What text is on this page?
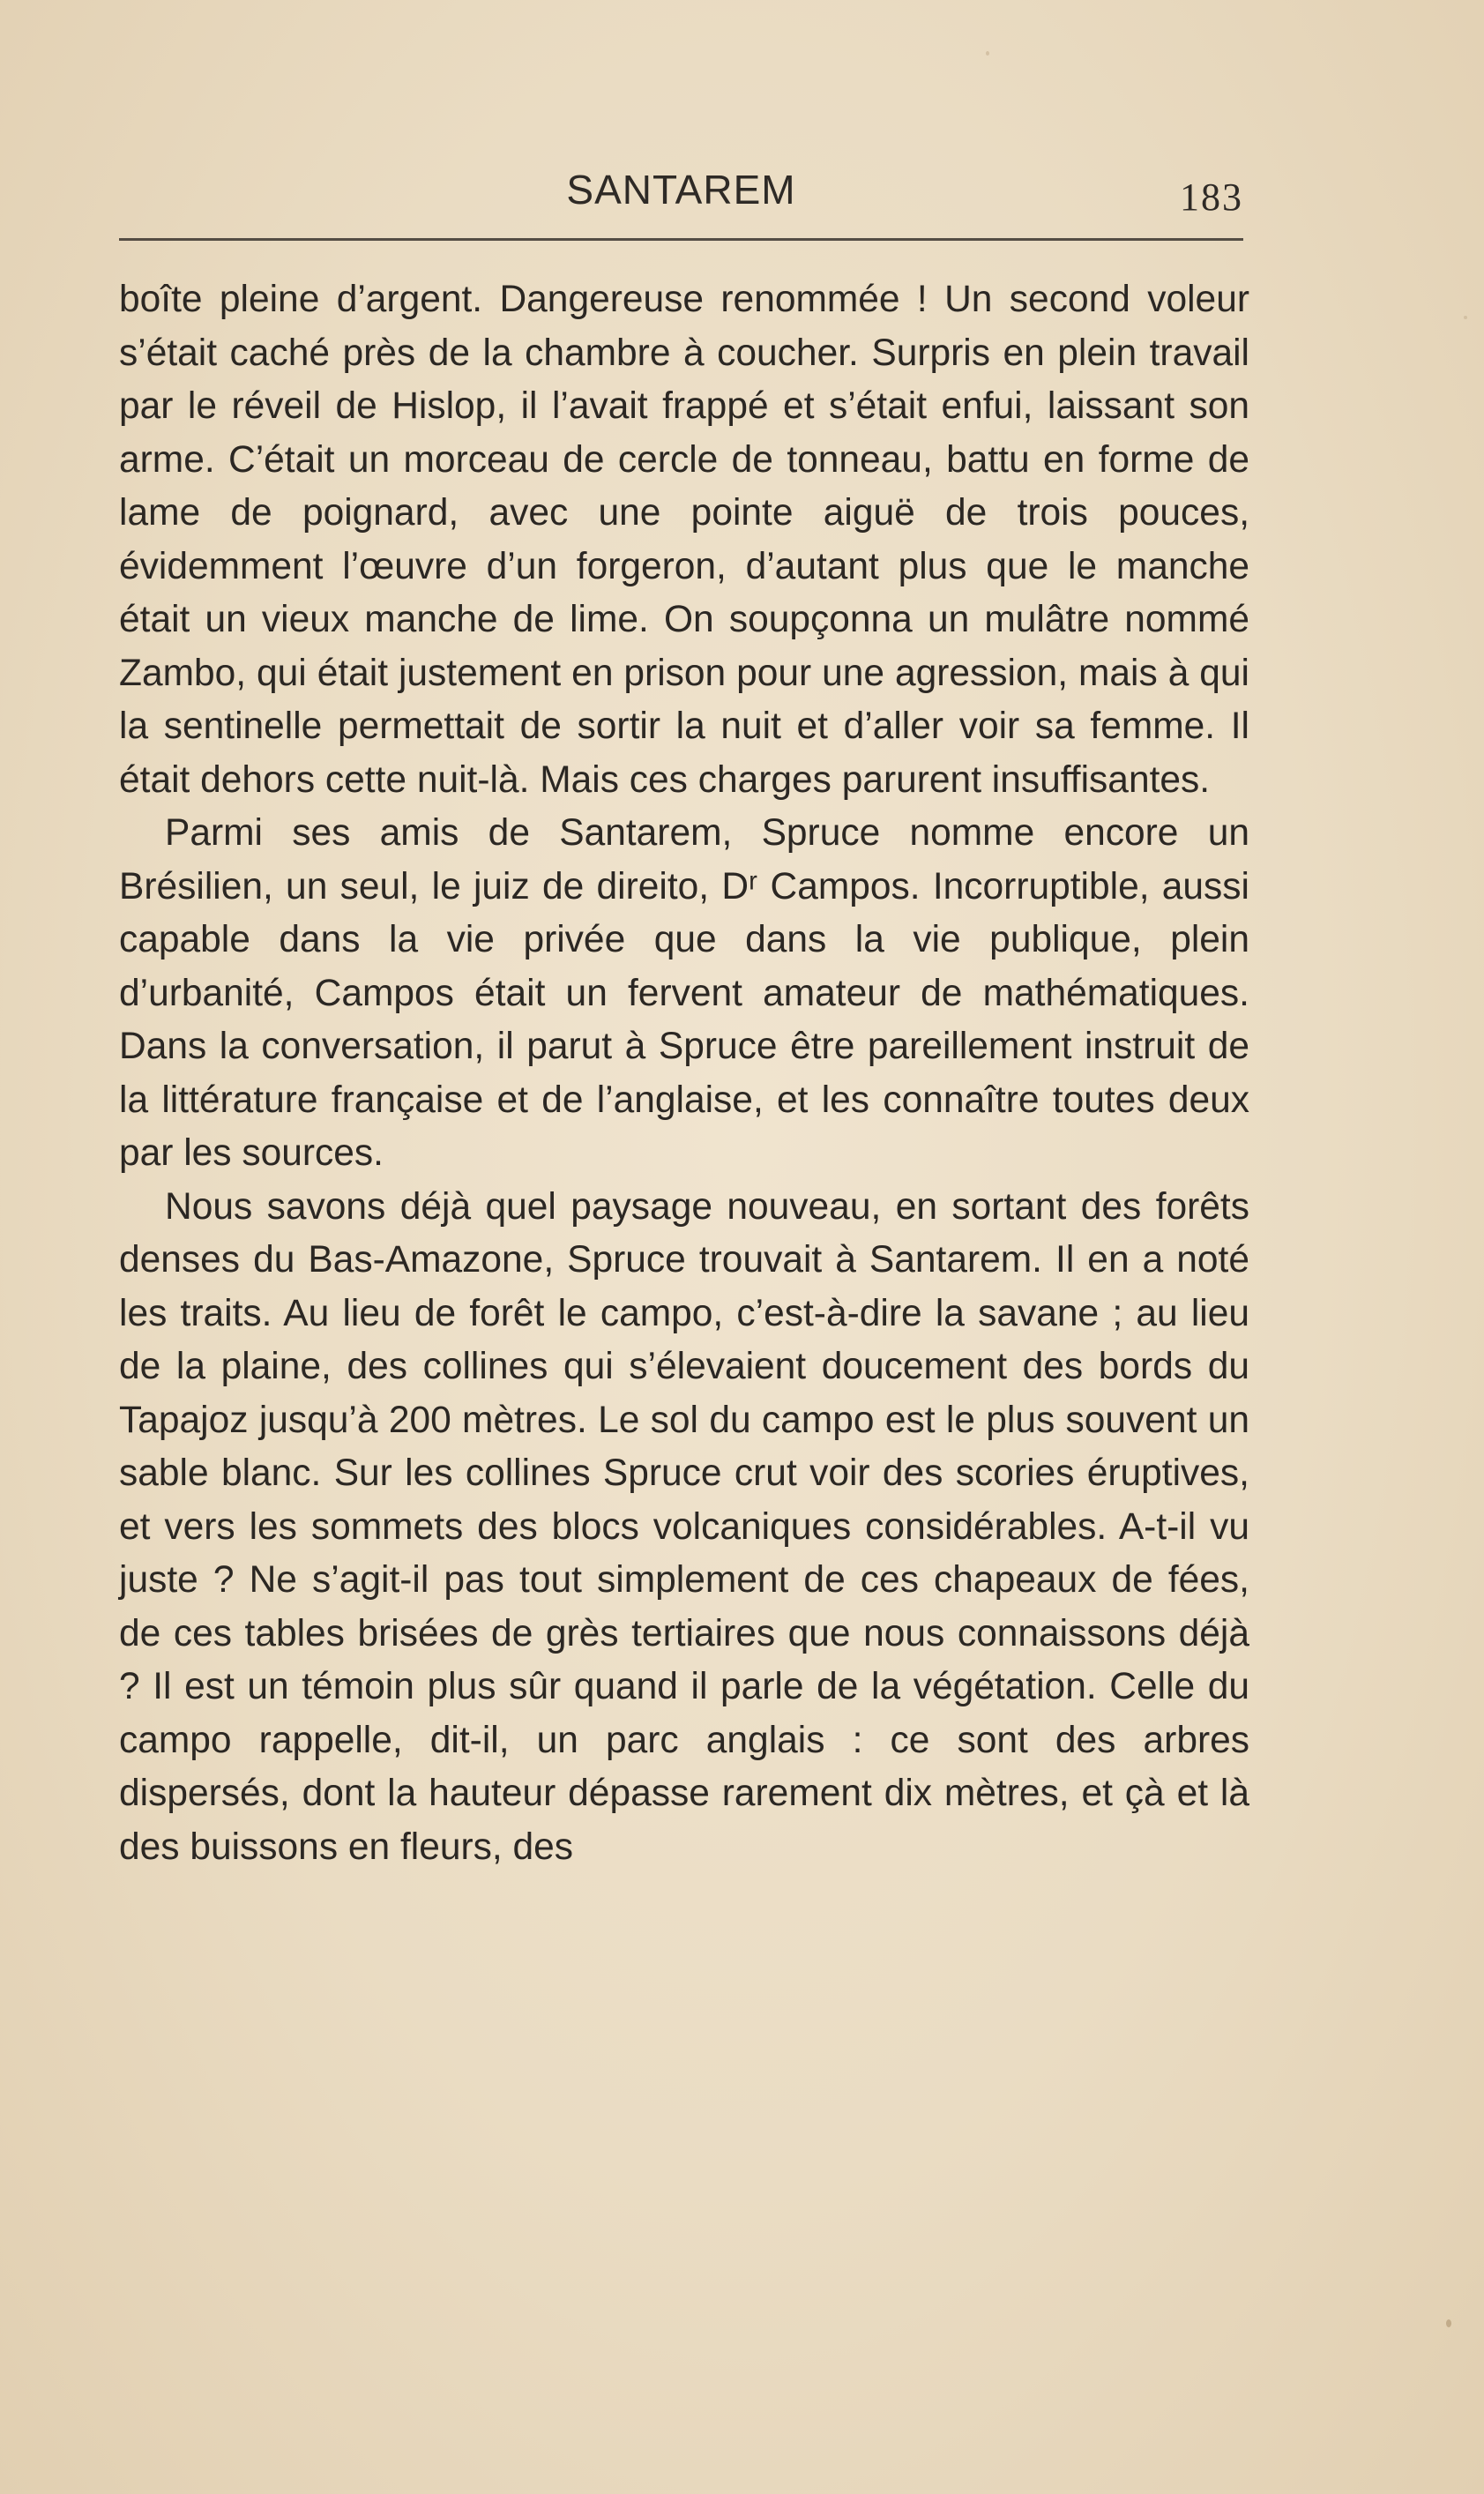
SANTAREM	183

boîte pleine d’argent. Dangereuse renommée ! Un second voleur s’était caché près de la chambre à coucher. Surpris en plein travail par le réveil de Hislop, il l’avait frappé et s’était enfui, laissant son arme. C’était un morceau de cercle de tonneau, battu en forme de lame de poignard, avec une pointe aiguë de trois pouces, évidemment l’œuvre d’un forgeron, d’autant plus que le manche était un vieux manche de lime. On soupçonna un mulâtre nommé Zambo, qui était justement en prison pour une agression, mais à qui la sentinelle permettait de sortir la nuit et d’aller voir sa femme. Il était dehors cette nuit-là. Mais ces charges parurent insuffisantes.

Parmi ses amis de Santarem, Spruce nomme encore un Brésilien, un seul, le juiz de direito, Dʳ Campos. Incorruptible, aussi capable dans la vie privée que dans la vie publique, plein d’urbanité, Campos était un fervent amateur de mathématiques. Dans la conversation, il parut à Spruce être pareillement instruit de la littérature française et de l’anglaise, et les connaître toutes deux par les sources.

Nous savons déjà quel paysage nouveau, en sortant des forêts denses du Bas-Amazone, Spruce trouvait à Santarem. Il en a noté les traits. Au lieu de forêt le campo, c’est-à-dire la savane ; au lieu de la plaine, des collines qui s’élevaient doucement des bords du Tapajoz jusqu’à 200 mètres. Le sol du campo est le plus souvent un sable blanc. Sur les collines Spruce crut voir des scories éruptives, et vers les sommets des blocs volcaniques considérables. A-t-il vu juste ? Ne s’agit-il pas tout simplement de ces chapeaux de fées, de ces tables brisées de grès tertiaires que nous connaissons déjà ? Il est un témoin plus sûr quand il parle de la végétation. Celle du campo rappelle, dit-il, un parc anglais : ce sont des arbres dispersés, dont la hauteur dépasse rarement dix mètres, et çà et là des buissons en fleurs, des
